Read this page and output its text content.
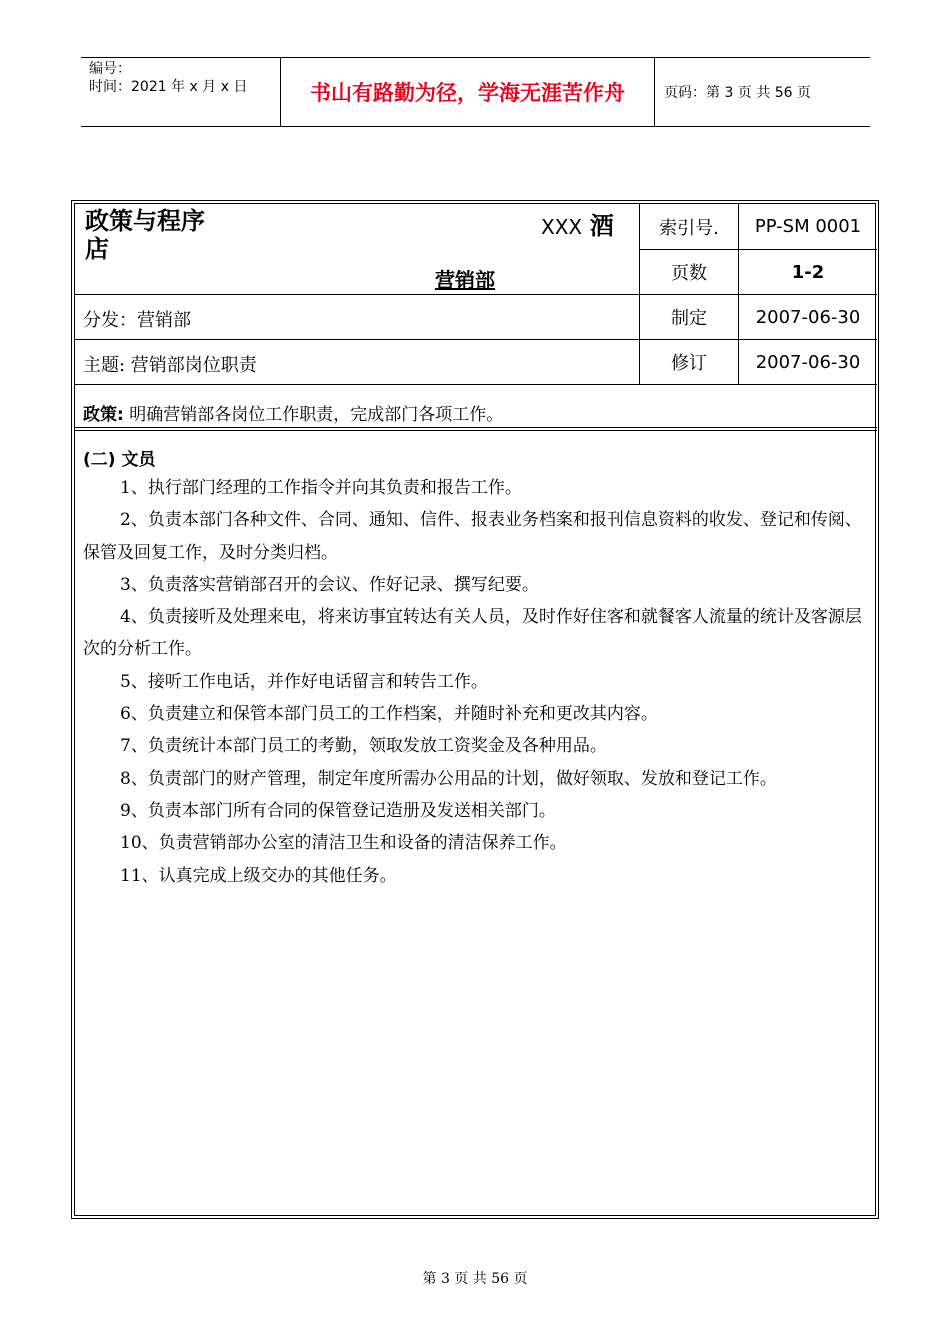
编号：
时间：2021 年 x 月 x 日	书山有路勤为径，学海无涯苦作舟	页码：第 3 页 共 56 页
政策与程序
店
XXX 酒
营销部
索引号.	PP-SM 0001
页数	1-2
分发：营销部	制定	2007-06-30
主题: 营销部岗位职责	修订	2007-06-30
政策: 明确营销部各岗位工作职责，完成部门各项工作。
(二) 文员

1、执行部门经理的工作指令并向其负责和报告工作。

2、负责本部门各种文件、合同、通知、信件、报表业务档案和报刊信息资料的收发、登记和传阅、保管及回复工作，及时分类归档。

3、负责落实营销部召开的会议、作好记录、撰写纪要。

4、负责接听及处理来电，将来访事宜转达有关人员，及时作好住客和就餐客人流量的统计及客源层次的分析工作。

5、接听工作电话，并作好电话留言和转告工作。

6、负责建立和保管本部门员工的工作档案，并随时补充和更改其内容。

7、负责统计本部门员工的考勤，领取发放工资奖金及各种用品。

8、负责部门的财产管理，制定年度所需办公用品的计划，做好领取、发放和登记工作。

9、负责本部门所有合同的保管登记造册及发送相关部门。

10、负责营销部办公室的清洁卫生和设备的清洁保养工作。

11、认真完成上级交办的其他任务。

第 3 页 共 56 页
